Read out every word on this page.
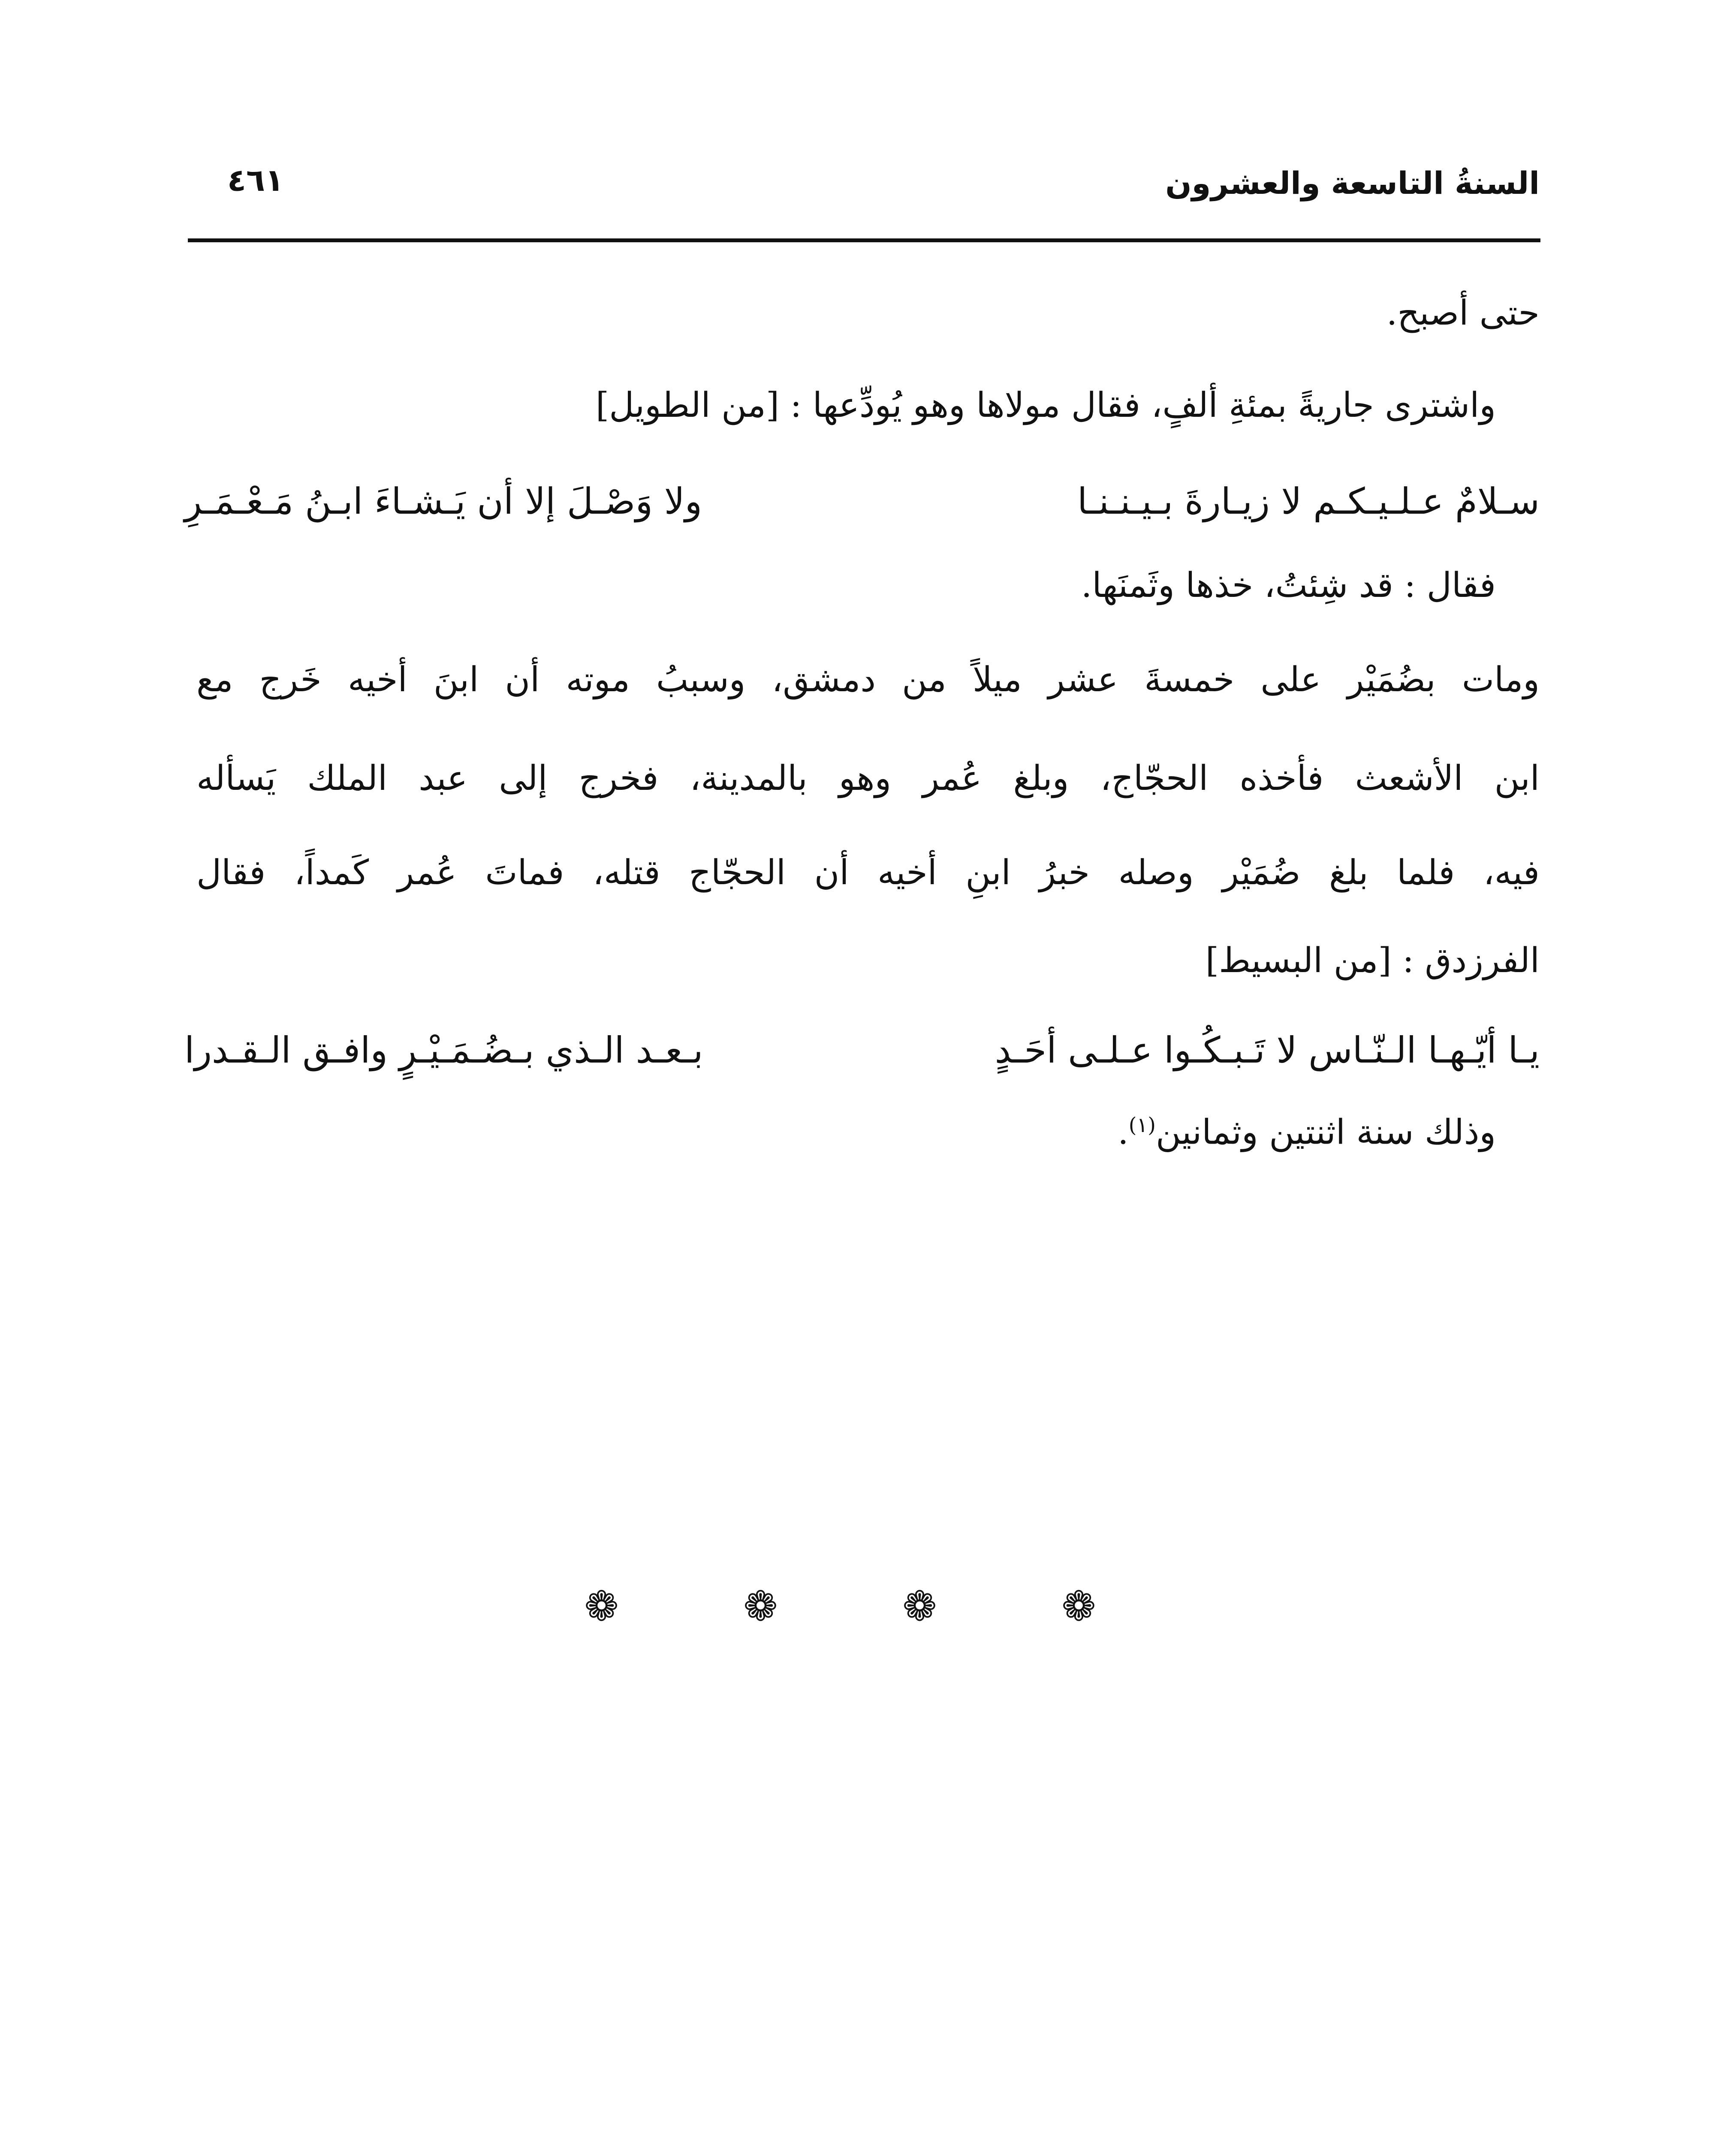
السنةُ التاسعة والعشرون
٤٦١
حتى أصبح.
واشترى جاريةً بمئةِ ألفٍ، فقال مولاها وهو يُودِّعها : [من الطويل]
سـلامٌ عـلـيـكـم لا زيـارةَ بـيـنـنـا
ولا وَصْـلَ إلا أن يَـشـاءَ ابـنُ مَـعْـمَـرِ
فقال : قد شِئتُ، خذها وثَمنَها.
ومات بضُمَيْر على خمسةَ عشر ميلاً من دمشق، وسببُ موته أن ابنَ أخيه خَرج مع
ابن الأشعث فأخذه الحجّاج، وبلغ عُمر وهو بالمدينة، فخرج إلى عبد الملك يَسأله
فيه، فلما بلغ ضُمَيْر وصله خبرُ ابنِ أخيه أن الحجّاج قتله، فماتَ عُمر كَمداً، فقال
الفرزدق : [من البسيط]
يـا أيّـهـا الـنّـاس لا تَـبـكُـوا عـلـى أحَـدٍ
بـعـد الـذي بـضُـمَـيْـرٍ وافـق الـقـدرا
وذلك سنة اثنتين وثمانين$^{(١)}$.
❁ ❁ ❁ ❁
